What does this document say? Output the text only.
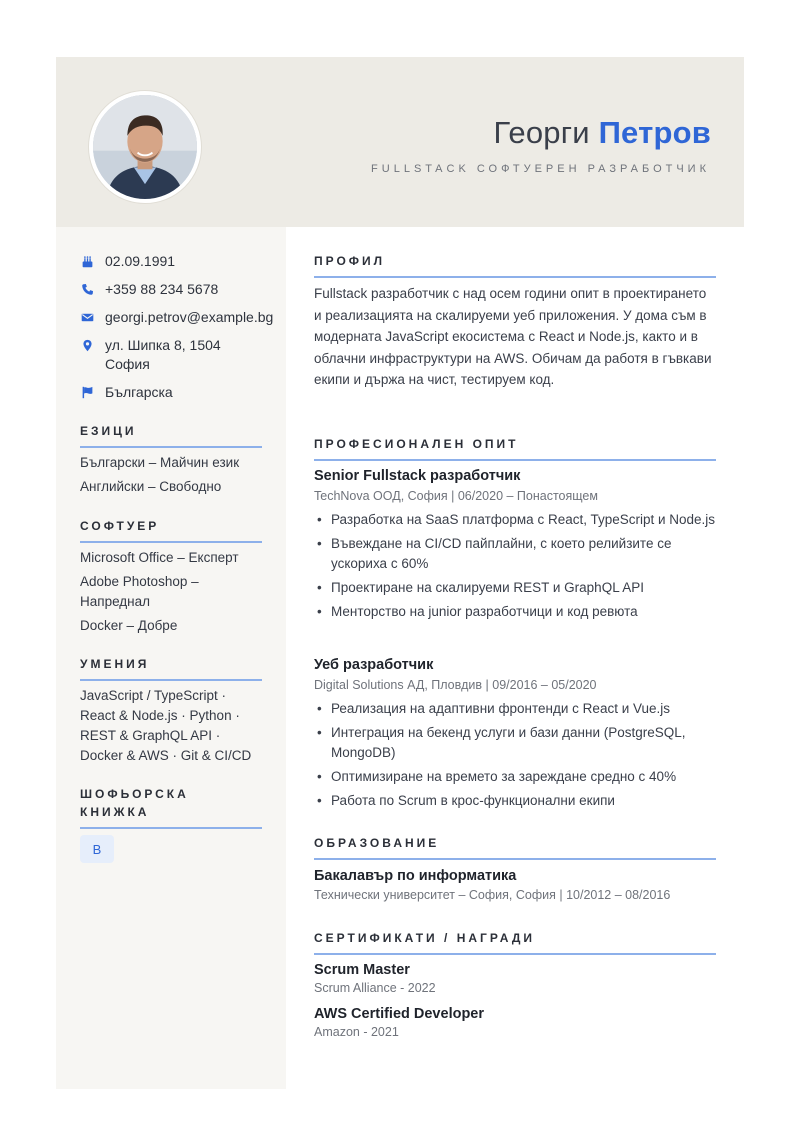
Георги Петров
FULLSTACK СОФТУЕРЕН РАЗРАБОТЧИК
02.09.1991
+359 88 234 5678
georgi.petrov@example.bg
ул. Шипка 8, 1504
София
Българска
ЕЗИЦИ
Български – Майчин език
Английски – Свободно
СОФТУЕР
Microsoft Office – Експерт
Adobe Photoshop – Напреднал
Docker – Добре
УМЕНИЯ
JavaScript / TypeScript · React & Node.js · Python · REST & GraphQL API · Docker & AWS · Git & CI/CD
ШОФЬОРСКА
КНИЖКА
B
ПРОФИЛ
Fullstack разработчик с над осем години опит в проектирането и реализацията на скалируеми уеб приложения. У дома съм в модерната JavaScript екосистема с React и Node.js, както и в облачни инфраструктури на AWS. Обичам да работя в гъвкави екипи и държа на чист, тестируем код.
ПРОФЕСИОНАЛЕН ОПИТ
Senior Fullstack разработчик
TechNova ООД, София | 06/2020 – Понастоящем
• Разработка на SaaS платформа с React, TypeScript и Node.js
• Въвеждане на CI/CD пайплайни, с което релийзите се ускориха с 60%
• Проектиране на скалируеми REST и GraphQL API
• Менторство на junior разработчици и код ревюта
Уеб разработчик
Digital Solutions АД, Пловдив | 09/2016 – 05/2020
• Реализация на адаптивни фронтенди с React и Vue.js
• Интеграция на бекенд услуги и бази данни (PostgreSQL, MongoDB)
• Оптимизиране на времето за зареждане средно с 40%
• Работа по Scrum в крос-функционални екипи
ОБРАЗОВАНИЕ
Бакалавър по информатика
Технически университет – София, София | 10/2012 – 08/2016
СЕРТИФИКАТИ / НАГРАДИ
Scrum Master
Scrum Alliance - 2022
AWS Certified Developer
Amazon - 2021
